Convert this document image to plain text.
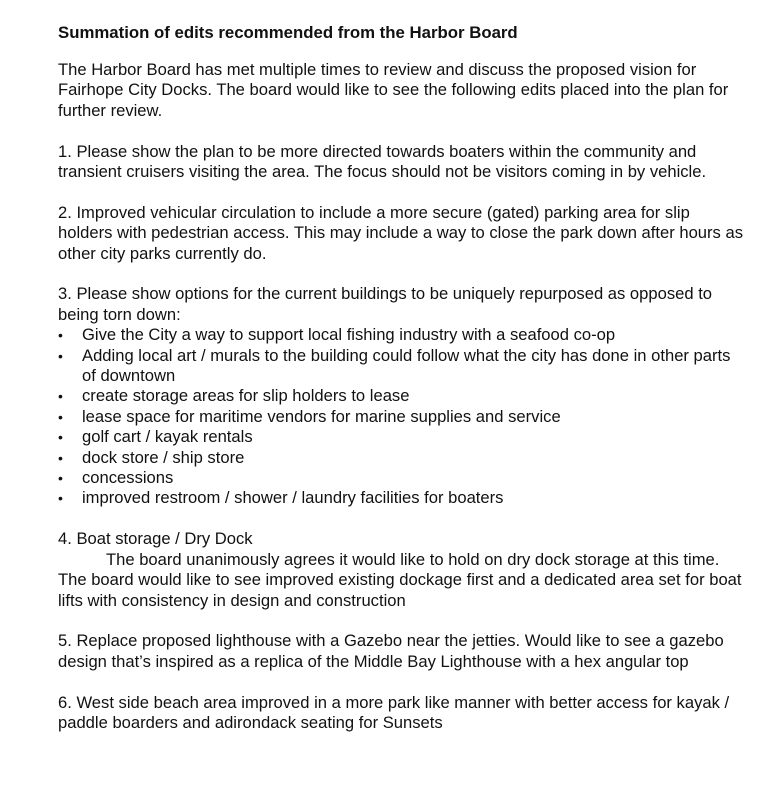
Summation of edits recommended from the Harbor Board

The Harbor Board has met multiple times to review and discuss the proposed vision for Fairhope City Docks. The board would like to see the following edits placed into the plan for further review.

1. Please show the plan to be more directed towards boaters within the community and transient cruisers visiting the area. The focus should not be visitors coming in by vehicle.

2. Improved vehicular circulation to include a more secure (gated) parking area for slip holders with pedestrian access. This may include a way to close the park down after hours as other city parks currently do.

3. Please show options for the current buildings to be uniquely repurposed as opposed to being torn down:

•	Give the City a way to support local fishing industry with a seafood co-op
•	Adding local art / murals to the building could follow what the city has done in other parts of downtown
•	create storage areas for slip holders to lease
•	lease space for maritime vendors for marine supplies and service
•	golf cart / kayak rentals
•	dock store / ship store
•	concessions
•	improved restroom / shower / laundry facilities for boaters

4. Boat storage / Dry Dock

The board unanimously agrees it would like to hold on dry dock storage at this time. The board would like to see improved existing dockage first and a dedicated area set for boat lifts with consistency in design and construction

5. Replace proposed lighthouse with a Gazebo near the jetties. Would like to see a gazebo design that’s inspired as a replica of the Middle Bay Lighthouse with a hex angular top

6. West side beach area improved in a more park like manner with better access for kayak / paddle boarders and adirondack seating for Sunsets
